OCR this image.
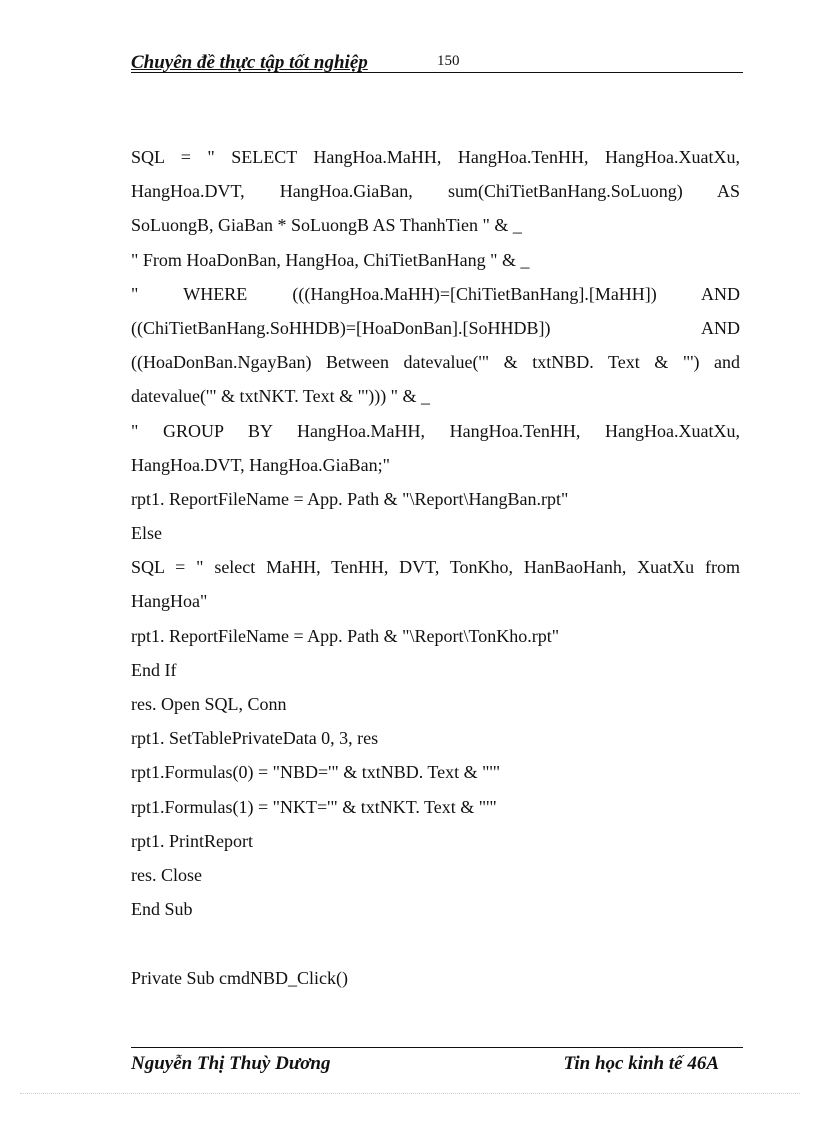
Chuyên đề thực tập tốt nghiệp	150
SQL = " SELECT HangHoa.MaHH, HangHoa.TenHH, HangHoa.XuatXu,
HangHoa.DVT, HangHoa.GiaBan, sum(ChiTietBanHang.SoLuong) AS
SoLuongB, GiaBan * SoLuongB AS ThanhTien " & _
" From HoaDonBan, HangHoa, ChiTietBanHang " & _
" WHERE (((HangHoa.MaHH)=[ChiTietBanHang].[MaHH]) AND
((ChiTietBanHang.SoHHDB)=[HoaDonBan].[SoHHDB]) AND
((HoaDonBan.NgayBan) Between datevalue('" & txtNBD. Text & "') and
datevalue('" & txtNKT. Text & "'))) " & _
" GROUP BY HangHoa.MaHH, HangHoa.TenHH, HangHoa.XuatXu,
HangHoa.DVT, HangHoa.GiaBan;"
rpt1. ReportFileName = App. Path & "\Report\HangBan.rpt"
Else
SQL = " select MaHH, TenHH, DVT, TonKho, HanBaoHanh, XuatXu from
HangHoa"
rpt1. ReportFileName = App. Path & "\Report\TonKho.rpt"
End If
res. Open SQL, Conn
rpt1. SetTablePrivateData 0, 3, res
rpt1.Formulas(0) = "NBD='" & txtNBD. Text & "'"
rpt1.Formulas(1) = "NKT='" & txtNKT. Text & "'"
rpt1. PrintReport
res. Close
End Sub
Private Sub cmdNBD_Click()
Nguyễn Thị Thuỳ Dương	Tin học kinh tế 46A
